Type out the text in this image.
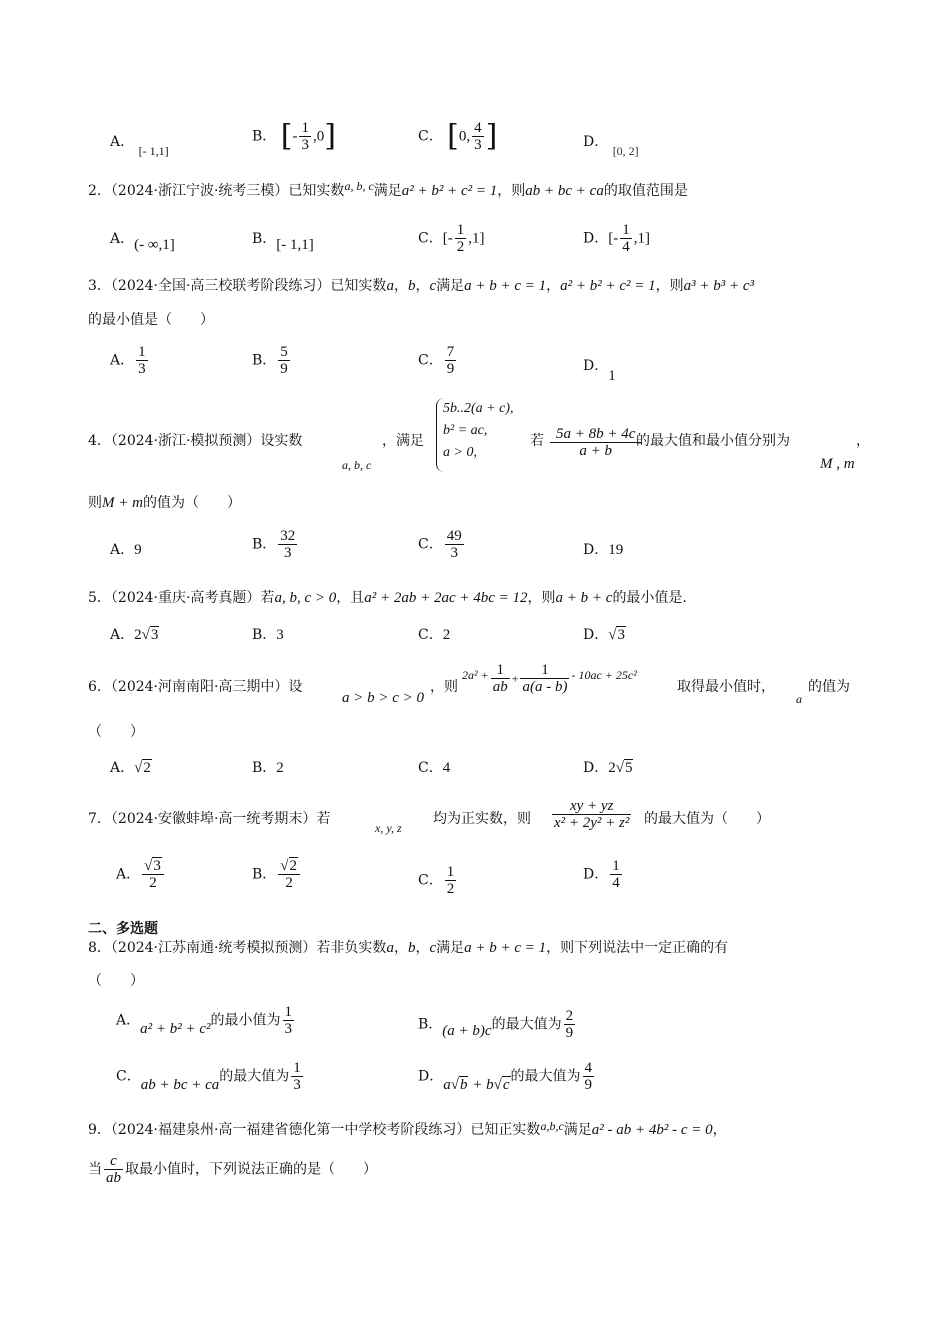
A． [- 1,1]
B． [- $\frac{1}{3} ,0$]	C． [0, $\frac{4}{3}$ ]	D． [0, 2]
2．（2024·浙江宁波·统考三模）已知实数a, b, c满足a² + b² + c² = 1，则ab + bc + ca的取值范围是
A．(- ∞,1]	B．[- 1,1]	C．[- $\frac{1}{2} ,1$]	D．[- $\frac{1}{4} ,1$]
3．（2024·全国·高三校联考阶段练习）已知实数a，b，c满足a + b + c = 1，a² + b² + c² = 1，则a³ + b³ + c³
的最小值是（　　）
A． $\frac{1}{3}$	B． $\frac{5}{9}$	C． $\frac{7}{9}$	D．1
4．（2024·浙江·模拟预测）设实数
a, b, c
，满足
5b..2(a + c),
b² = ac,
a > 0,
若 $\frac{5a + 8b + 4c}{a + b}$
的最大值和最小值分别为
M , m
，
则M + m的值为（　　）
A．9	B． $\frac{32}{3}$	C． $\frac{49}{3}$	D．19
5．（2024·重庆·高考真题）若a, b, c > 0，且a² + 2ab + 2ac + 4bc = 12，则a + b + c的最小值是.
A．2√3	B．3	C．2	D．√3
6．（2024·河南南阳·高三期中）设
a > b > c > 0
，则
$2a^2 + \frac{1}{ab} + \frac{1}{a(a - b)} - 10ac + 25c^2$
取得最小值时，
a
的值为
（　　）
A．√2	B．2	C．4	D．2√5
7．（2024·安徽蚌埠·高一统考期末）若
x, y, z
均为正实数，则 $\frac{xy + yz}{\text{x² + 2y² + z²}}$ 的最大值为（　　）
A． $\frac{√3}{2}$	B． $\frac{√2}{2}$	C． $\frac{1}{2}$	D． $\frac{1}{4}$
二、多选题
8．（2024·江苏南通·统考模拟预测）若非负实数a，b，c满足a + b + c = 1，则下列说法中一定正确的有
（　　）
A．a² + b² + c²的最小值为 $\frac{1}{3}$	B．(a + b)c的最大值为 $\frac{2}{9}$
C．ab + bc + ca的最大值为 $\frac{1}{3}$	D．a√b + b√c的最大值为 $\frac{4}{9}$
9．（2024·福建泉州·高一福建省德化第一中学校考阶段练习）已知正实数a,b,c满足a² - ab + 4b² - c = 0，
当 $\frac{c}{ab}$ 取最小值时，下列说法正确的是（　　）
